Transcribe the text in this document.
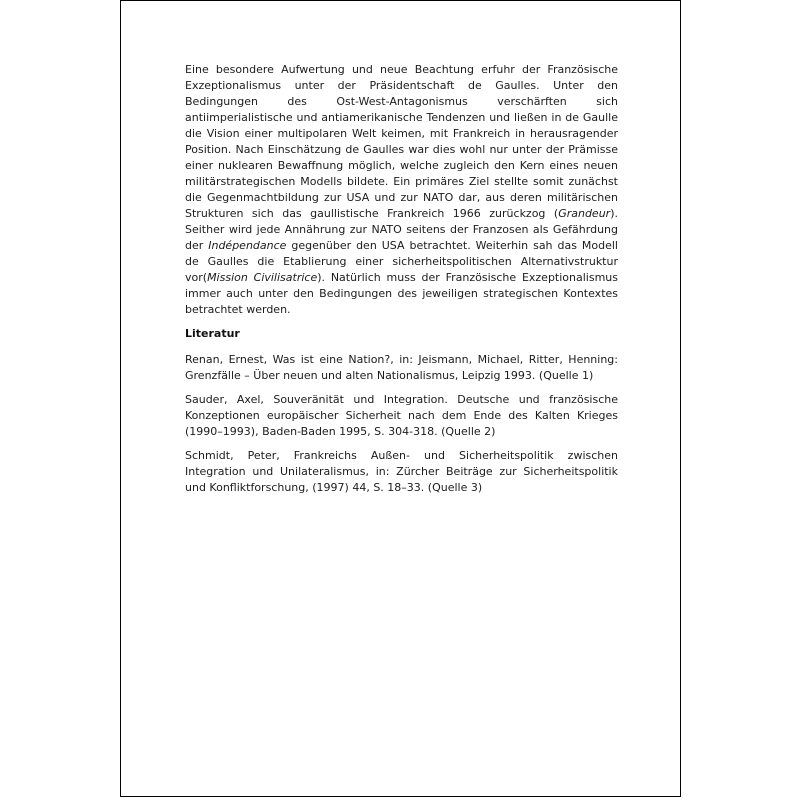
Eine besondere Aufwertung und neue Beachtung erfuhr der Französische Exzeptionalismus unter der Präsidentschaft de Gaulles. Unter den Bedingungen des Ost-West-Antagonismus verschärften sich antiimperialistische und antiamerikanische Tendenzen und ließen in de Gaulle die Vision einer multipolaren Welt keimen, mit Frankreich in herausragender Position. Nach Einschätzung de Gaulles war dies wohl nur unter der Prämisse einer nuklearen Bewaffnung möglich, welche zugleich den Kern eines neuen militärstrategischen Modells bildete. Ein primäres Ziel stellte somit zunächst die Gegenmachtbildung zur USA und zur NATO dar, aus deren militärischen Strukturen sich das gaullistische Frankreich 1966 zurückzog (Grandeur). Seither wird jede Annährung zur NATO seitens der Franzosen als Gefährdung der Indépendance gegenüber den USA betrachtet. Weiterhin sah das Modell de Gaulles die Etablierung einer sicherheitspolitischen Alternativstruktur vor(Mission Civilisatrice). Natürlich muss der Französische Exzeptionalismus immer auch unter den Bedingungen des jeweiligen strategischen Kontextes betrachtet werden.

Literatur

Renan, Ernest, Was ist eine Nation?, in: Jeismann, Michael, Ritter, Henning: Grenzfälle – Über neuen und alten Nationalismus, Leipzig 1993. (Quelle 1)

Sauder, Axel, Souveränität und Integration. Deutsche und französische Konzeptionen europäischer Sicherheit nach dem Ende des Kalten Krieges (1990–1993), Baden-Baden 1995, S. 304-318. (Quelle 2)

Schmidt, Peter, Frankreichs Außen- und Sicherheitspolitik zwischen Integration und Unilateralismus, in: Zürcher Beiträge zur Sicherheitspolitik und Konfliktforschung, (1997) 44, S. 18–33. (Quelle 3)
